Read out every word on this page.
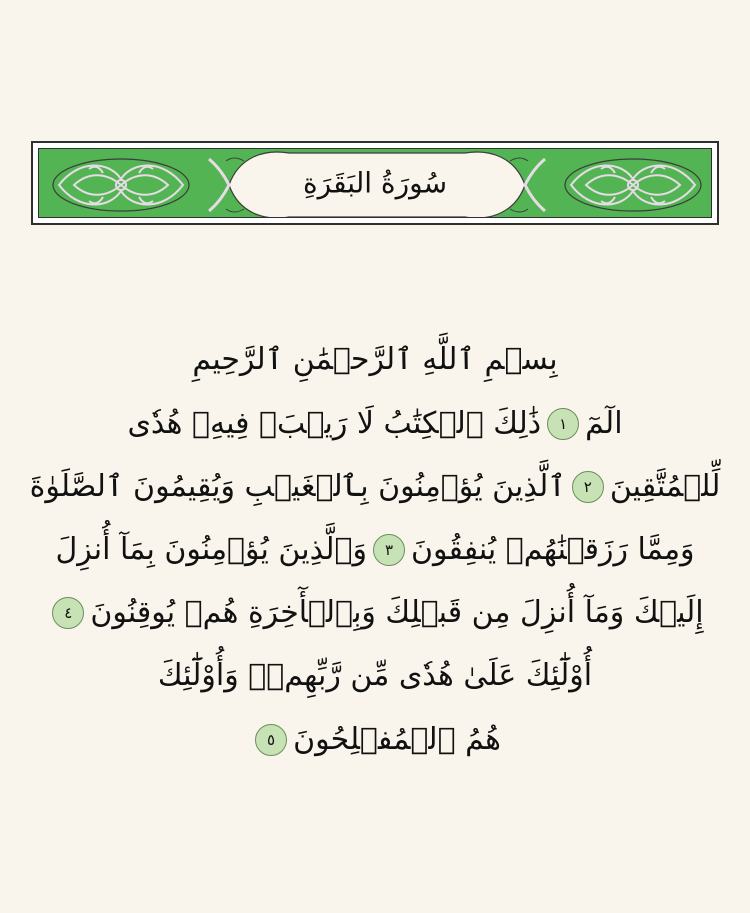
سُورَةُ البَقَرَةِ
بِسۡمِ ٱللَّهِ ٱلرَّحۡمَٰنِ ٱلرَّحِيمِ
الٓمٓ١ذَٰلِكَ ٱلۡكِتَٰبُ لَا رَيۡبَۛ فِيهِۛ هُدٗى
لِّلۡمُتَّقِينَ٢ٱلَّذِينَ يُؤۡمِنُونَ بِٱلۡغَيۡبِ وَيُقِيمُونَ ٱلصَّلَوٰةَ
وَمِمَّا رَزَقۡنَٰهُمۡ يُنفِقُونَ٣وَٱلَّذِينَ يُؤۡمِنُونَ بِمَآ أُنزِلَ
إِلَيۡكَ وَمَآ أُنزِلَ مِن قَبۡلِكَ وَبِٱلۡأٓخِرَةِ هُمۡ يُوقِنُونَ٤
أُوْلَٰٓئِكَ عَلَىٰ هُدٗى مِّن رَّبِّهِمۡۖ وَأُوْلَٰٓئِكَ
هُمُ ٱلۡمُفۡلِحُونَ٥
